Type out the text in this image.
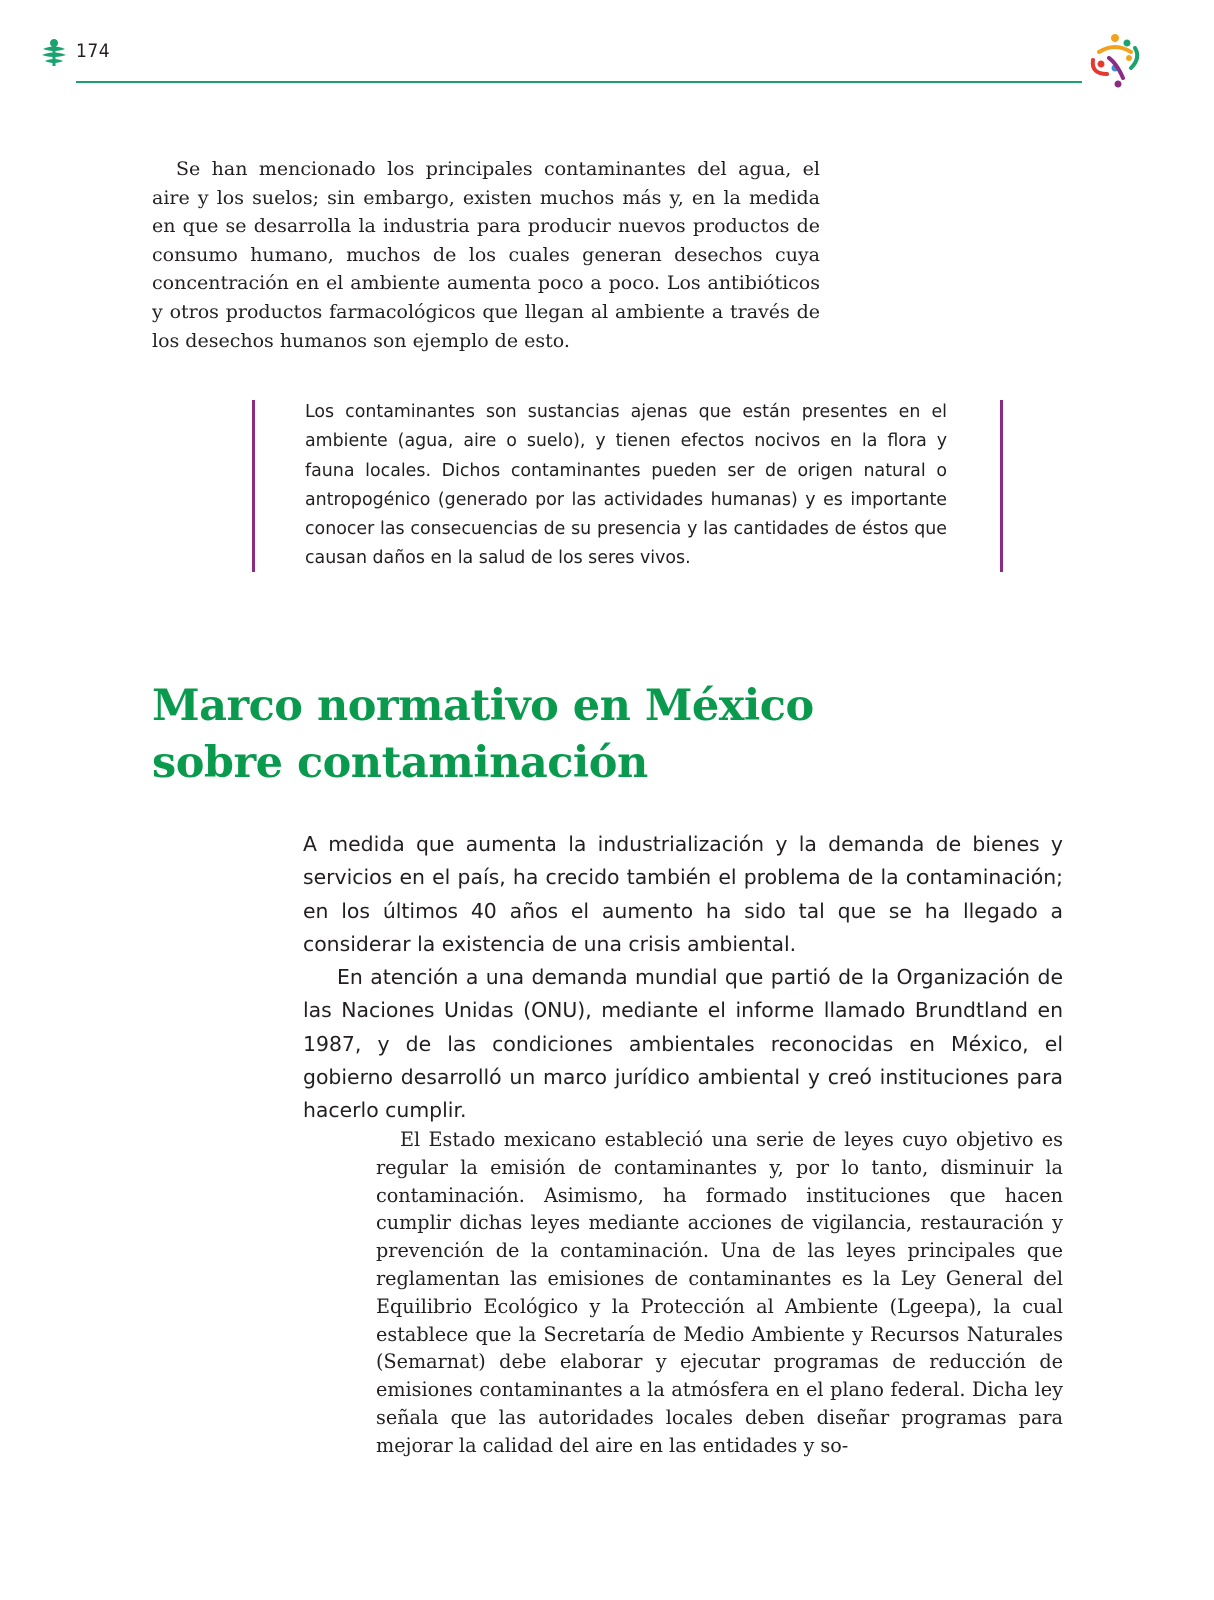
174

Se han mencionado los principales contaminantes del agua, el aire y los suelos; sin embargo, existen muchos más y, en la medida en que se desarrolla la industria para producir nuevos productos de consumo humano, muchos de los cuales generan desechos cuya concentración en el ambiente aumenta poco a poco. Los antibióticos y otros productos farmacológicos que llegan al ambiente a través de los desechos humanos son ejemplo de esto.

Los contaminantes son sustancias ajenas que están presentes en el ambiente (agua, aire o suelo), y tienen efectos nocivos en la flora y fauna locales. Dichos contaminantes pueden ser de origen natural o antropogénico (generado por las actividades humanas) y es importante conocer las consecuencias de su presencia y las cantidades de éstos que causan daños en la salud de los seres vivos.

Marco normativo en México
sobre contaminación

A medida que aumenta la industrialización y la demanda de bienes y servicios en el país, ha crecido también el problema de la contaminación; en los últimos 40 años el aumento ha sido tal que se ha llegado a considerar la existencia de una crisis ambiental.

En atención a una demanda mundial que partió de la Organización de las Naciones Unidas (ONU), mediante el informe llamado Brundtland en 1987, y de las condiciones ambientales reconocidas en México, el gobierno desarrolló un marco jurídico ambiental y creó instituciones para hacerlo cumplir.

El Estado mexicano estableció una serie de leyes cuyo objetivo es regular la emisión de contaminantes y, por lo tanto, disminuir la contaminación. Asimismo, ha formado instituciones que hacen cumplir dichas leyes mediante acciones de vigilancia, restauración y prevención de la contaminación. Una de las leyes principales que reglamentan las emisiones de contaminantes es la Ley General del Equilibrio Ecológico y la Protección al Ambiente (Lgeepa), la cual establece que la Secretaría de Medio Ambiente y Recursos Naturales (Semarnat) debe elaborar y ejecutar programas de reducción de emisiones contaminantes a la atmósfera en el plano federal. Dicha ley señala que las autoridades locales deben diseñar programas para mejorar la calidad del aire en las entidades y so-
